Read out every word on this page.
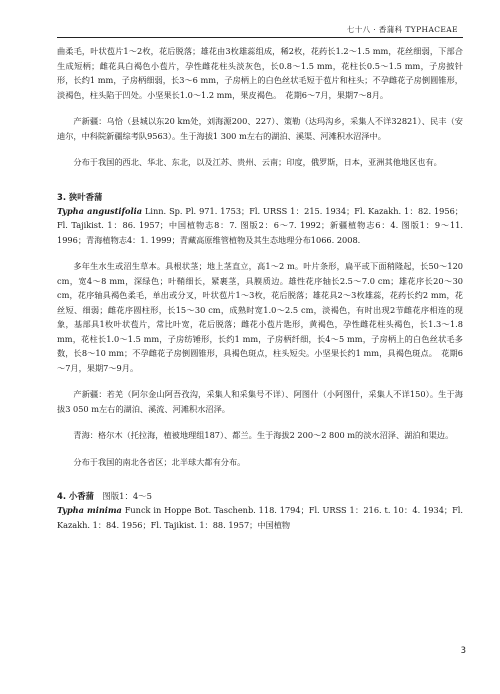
七十八 · 香蒲科 TYPHACEAE

曲柔毛，叶状苞片1～2枚，花后脱落；雄花由3枚雄蕊组成，稀2枚，花药长1.2～1.5 mm，花丝细弱，下部合生成短柄；雌花具白褐色小苞片，孕性雌花柱头淡灰色，长0.8～1.5 mm，花柱长0.5～1.5 mm，子房披针形，长约1 mm，子房柄细弱，长3～6 mm，子房柄上的白色丝状毛短于苞片和柱头；不孕雌花子房倒圆锥形，淡褐色，柱头陷于凹处。小坚果长1.0～1.2 mm，果皮褐色。　花期6～7月，果期7～8月。

产新疆：乌恰（县城以东20 km处，刘海源200、227）、策勒（达玛沟乡，采集人不详32821）、民丰（安迪尔，中科院新疆综考队9563）。生于海拔1 300 m左右的湖泊、溪渠、河滩积水沼泽中。

分布于我国的西北、华北、东北，以及江苏、贵州、云南；印度，俄罗斯，日本，亚洲其他地区也有。

3. 狭叶香蒲

Typha angustifolia Linn. Sp. Pl. 971. 1753；Fl. URSS 1：215. 1934；Fl. Kazakh. 1：82. 1956；Fl. Tajikist. 1：86. 1957；中国植物志8：7. 图版2：6～7. 1992；新疆植物志6：4. 图版1：9～11. 1996；青海植物志4：1. 1999；青藏高原维管植物及其生态地理分布1066. 2008.

多年生水生或沼生草本。具根状茎；地上茎直立，高1～2 m。叶片条形，扁平或下面稍隆起，长50～120 cm，宽4～8 mm，深绿色；叶鞘细长，紧裹茎，具膜质边。雄性花序轴长2.5～7.0 cm；雄花序长20～30 cm，花序轴具褐色柔毛，单出或分叉，叶状苞片1～3枚，花后脱落；雄花具2～3枚雄蕊，花药长约2 mm，花丝短、细弱；雌花序圆柱形，长15～30 cm，成熟时宽1.0～2.5 cm，淡褐色，有时出现2节雌花序相连的现象，基部具1枚叶状苞片，常比叶宽，花后脱落；雌花小苞片匙形，黄褐色，孕性雌花柱头褐色，长1.3～1.8 mm，花柱长1.0～1.5 mm，子房纺锤形，长约1 mm，子房柄纤细，长4～5 mm，子房柄上的白色丝状毛多数，长8～10 mm；不孕雌花子房倒圆锥形，具褐色斑点，柱头短尖。小坚果长约1 mm，具褐色斑点。　花期6～7月，果期7～9月。

产新疆：若羌（阿尔金山阿吾孜沟，采集人和采集号不详）、阿图什（小阿图什，采集人不详150）。生于海拔3 050 m左右的湖泊、溪流、河滩积水沼泽。

青海：格尔木（托拉海，植被地理组187）、都兰。生于海拔2 200～2 800 m的淡水沼泽、湖泊和渠边。

分布于我国的南北各省区；北半球大都有分布。

4. 小香蒲　图版1：4～5

Typha minima Funck in Hoppe Bot. Taschenb. 118. 1794；Fl. URSS 1：216. t. 10：4. 1934；Fl. Kazakh. 1：84. 1956；Fl. Tajikist. 1：88. 1957；中国植物

3
